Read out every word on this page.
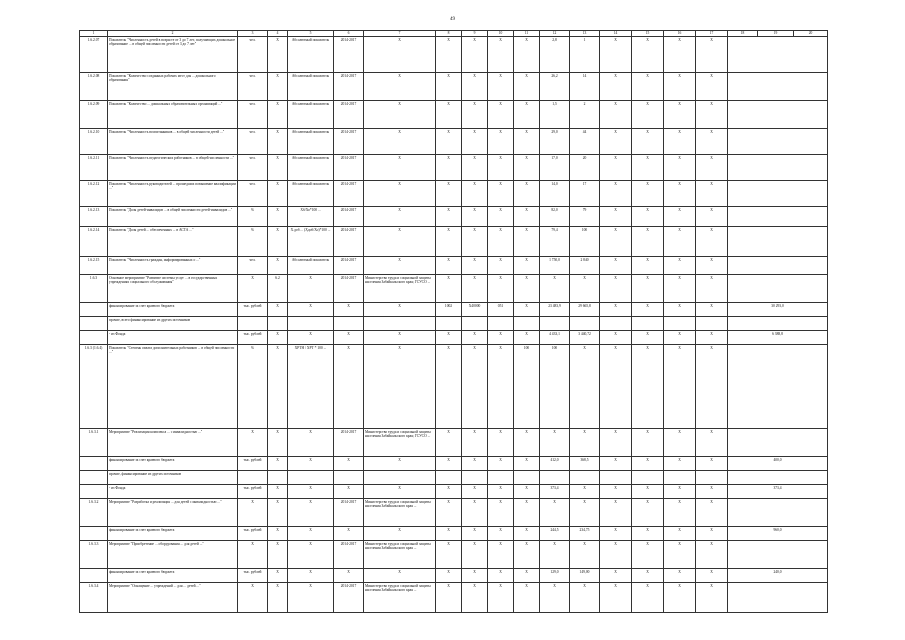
49
1	2	3	4	5	6	7	8	9	10	11	12	13	14	15	16	17	18	19	20
1.6.2.07	Показатель "Численность детей в возрасте от 3 до 7 лет, получающих дошкольное образование ... в общей численности детей от 3 до 7 лет"	чел.	X	Абсолютный показатель	2014-2017	X	X	X	X	X	2,8	1	X	X	X	X			
1.6.2.08	Показатель "Количество созданных рабочих мест для ... дошкольного образования"	чел.	X	Абсолютный показатель	2014-2017	X	X	X	X	X	26,2	14	X	X	X	X			
1.6.2.09	Показатель "Количество ... дошкольных образовательных организаций ..."	чел.	X	Абсолютный показатель	2014-2017	X	X	X	X	X	1,5	2	X	X	X	X			
1.6.2.10	Показатель "Численность воспитанников ... в общей численности детей ..."	чел.	X	Абсолютный показатель	2014-2017	X	X	X	X	X	29,0	44	X	X	X	X			
1.6.2.11	Показатель "Численность педагогических работников ... в общей численности ..."	чел.	X	Абсолютный показатель	2014-2017	X	X	X	X	X	17,0	20	X	X	X	X			
1.6.2.12	Показатель "Численность руководителей ... прошедших повышение квалификации ..."	чел.	X	Абсолютный показатель	2014-2017	X	X	X	X	X	14,0	17	X	X	X	X			
1.6.2.13	Показатель "Доля детей-инвалидов ... в общей численности детей-инвалидов ..."	%	X	Хб/Хо*100 ...	2014-2017	X	X	X	X	X	82,0	79	X	X	X	X			
1.6.2.14	Показатель "Доля детей ... обеспеченных ... в АСТА ..."	%	X	Х.доб ... (Хдоб/Хо)*100 ...	2014-2017	X	X	X	X	X	79,4	100	X	X	X	X			
1.6.2.15	Показатель "Численность граждан, информированных о ..."	чел.	X	Абсолютный показатель	2014-2017	X	X	X	X	X	1 750,0	2 840	X	X	X	X			
1.6.3	Основное мероприятие "Развитие системы услуг ... в государственных учреждениях социального обслуживания"	X	6.2	X	2014-2017	Министерство труда и социальной защиты населения Забайкальского края; ГСУСО ...	X	X	X	X	X	X	X	X	X	X			
	финансирование за счет краевого бюджета	тыс. рублей	X	X	X	X	1002	Х40000	051	X	23 483,9	29 665,8	X	X	X	X	30 293,0		
	прочие, всего финансирование из других источников																		
	- из Фонда	тыс. рублей	X	X	X	X	X	X	X	X	4 433,1	3 440,72	X	X	X	X	6 388,8		
1.6.3 (1.6.4)	Показатель "Степень охвата дополнительных работников ... в общей численности ..."	%	X	ХРТН / ХРТ * 100 ...	X	X	X	X	X	100	100	X	X	X	X	X			
1.6.3.1	Мероприятие "Реализация комплекса ... с инвалидностью ..."	X	X	X	2014-2017	Министерство труда и социальной защиты населения Забайкальского края; ГСУСО ...	X	X	X	X	X	X	X	X	X	X			
	финансирование за счет краевого бюджета	тыс. рублей	X	X	X	X	X	X	X	X	412,0	368,5	X	X	X	X	400,0		
	прочие, финансирование из других источников																		
	- из Фонда	тыс. рублей	X	X	X	X	X	X	X	X	373,4	X	X	X	X	X	373,4		
1.6.3.2	Мероприятие "Разработка и реализация ... для детей с инвалидностью ..."	X	X	X	2014-2017	Министерство труда и социальной защиты населения Забайкальского края ...	X	X	X	X	X	X	X	X	X	X			
	финансирование за счет краевого бюджета	тыс. рублей	X	X	X	X	X	X	X	X	244,5	234,75	X	X	X	X	960,0		
1.6.3.3	Мероприятие "Приобретение ... оборудования ... для детей ..."	X	X	X	2014-2017	Министерство труда и социальной защиты населения Забайкальского края ...	X	X	X	X	X	X	X	X	X	X			
	финансирование за счет краевого бюджета	тыс. рублей	X	X	X	X	X	X	X	X	129,0	149,00	X	X	X	X	240,0		
1.6.3.4	Мероприятие "Оснащение ... учреждений ... для ... детей ..."	X	X	X	2014-2017	Министерство труда и социальной защиты населения Забайкальского края ...	X	X	X	X	X	X	X	X	X	X			
